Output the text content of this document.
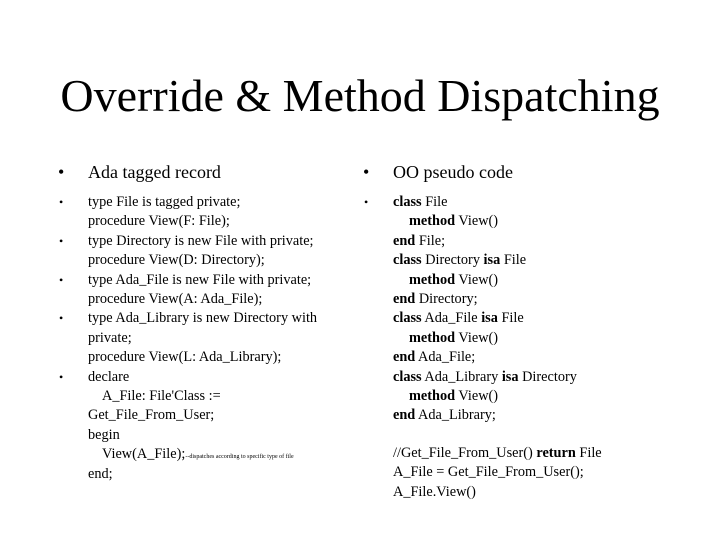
Override & Method Dispatching
• Ada tagged record
• type File is tagged private;
procedure View(F: File);
• type Directory is new File with private;
procedure View(D: Directory);
• type Ada_File is new File with private;
procedure View(A: Ada_File);
• type Ada_Library is new Directory with
private;
procedure View(L: Ada_Library);
• declare
A_File: File'Class :=
Get_File_From_User;
begin
View(A_File);--dispatches according to specific type of file
end;
• OO pseudo code
• class File
method View()
end File;
class Directory isa File
method View()
end Directory;
class Ada_File isa File
method View()
end Ada_File;
class Ada_Library isa Directory
method View()
end Ada_Library;
//Get_File_From_User() return File
A_File = Get_File_From_User();
A_File.View()
